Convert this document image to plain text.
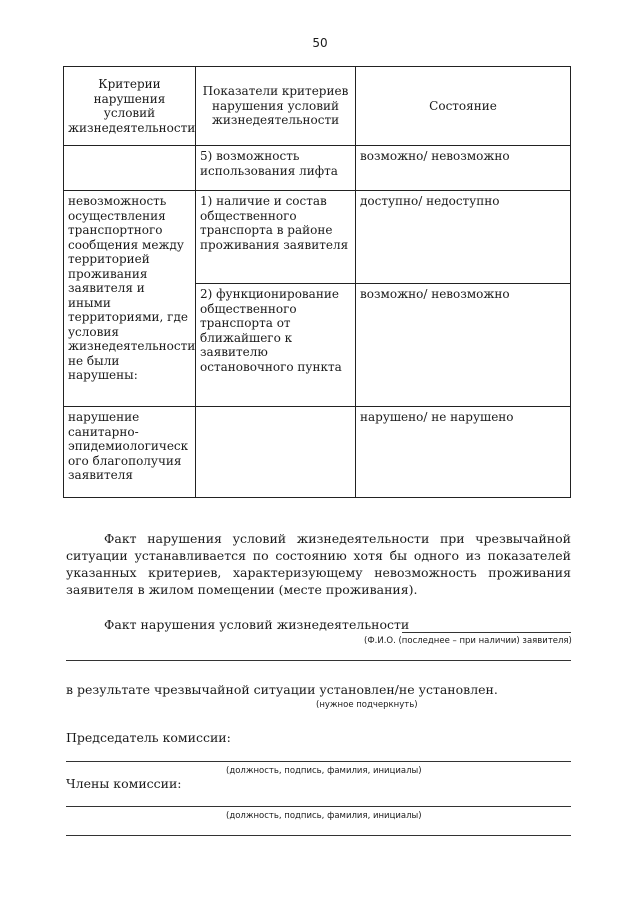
50
Критерии нарушения условий жизнедеятельности	Показатели критериев нарушения условий жизнедеятельности	Состояние
	5) возможность использования лифта	возможно/ невозможно
невозможность осуществления транспортного сообщения между территорией проживания заявителя и иными территориями, где условия жизнедеятельности не были нарушены:	1) наличие и состав общественного транспорта в районе проживания заявителя	доступно/ недоступно
	2) функционирование общественного транспорта от ближайшего к заявителю остановочного пункта	возможно/ невозможно
нарушение санитарно-эпидемиологическ ого благополучия заявителя		нарушено/ не нарушено
Факт нарушения условий жизнедеятельности при чрезвычайной ситуации устанавливается по состоянию хотя бы одного из показателей указанных критериев, характеризующему невозможность проживания заявителя в жилом помещении (месте проживания).
Факт нарушения условий жизнедеятельности
(Ф.И.О. (последнее – при наличии) заявителя)
в результате чрезвычайной ситуации установлен/не установлен.
(нужное подчеркнуть)
Председатель комиссии:
(должность, подпись, фамилия, инициалы)
Члены комиссии:
(должность, подпись, фамилия, инициалы)
